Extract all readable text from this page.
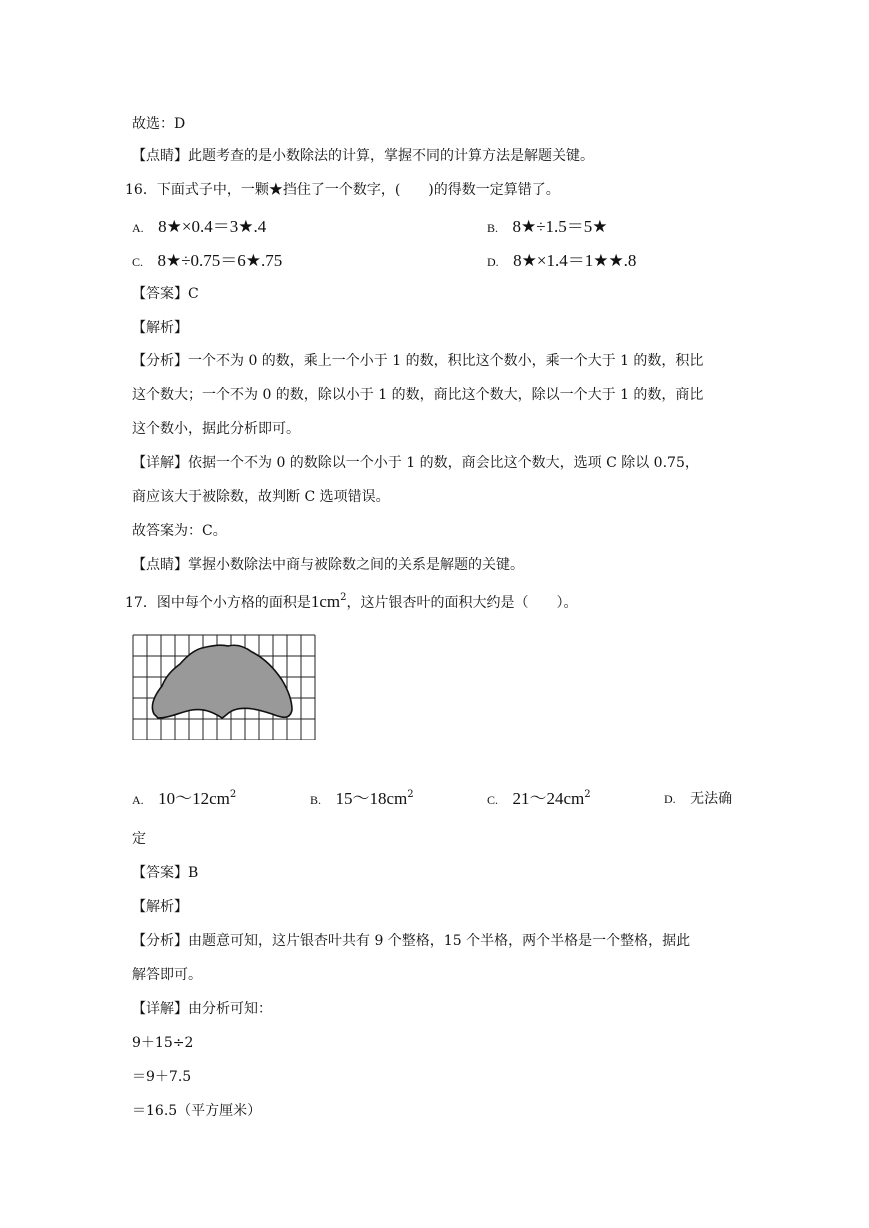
故选：D
【点睛】此题考查的是小数除法的计算，掌握不同的计算方法是解题关键。
16．下面式子中，一颗★挡住了一个数字，(　　)的得数一定算错了。
A. 8★×0.4＝3★.4	B. 8★÷1.5＝5★
C. 8★÷0.75＝6★.75	D. 8★×1.4＝1★★.8
【答案】C
【解析】
【分析】一个不为 0 的数，乘上一个小于 1 的数，积比这个数小，乘一个大于 1 的数，积比
这个数大；一个不为 0 的数，除以小于 1 的数，商比这个数大，除以一个大于 1 的数，商比
这个数小，据此分析即可。
【详解】依据一个不为 0 的数除以一个小于 1 的数，商会比这个数大，选项 C 除以 0.75，
商应该大于被除数，故判断 C 选项错误。
故答案为：C。
【点睛】掌握小数除法中商与被除数之间的关系是解题的关键。
17．图中每个小方格的面积是$1cm^2$，这片银杏叶的面积大约是（　　）。
A. $10\sim 12cm^2$	B. $15\sim 18cm^2$	C. $21\sim 24cm^2$	D. 无法确
定
【答案】B
【解析】
【分析】由题意可知，这片银杏叶共有 9 个整格，15 个半格，两个半格是一个整格，据此
解答即可。
【详解】由分析可知：
9＋15÷2
＝9＋7.5
＝16.5（平方厘米）
